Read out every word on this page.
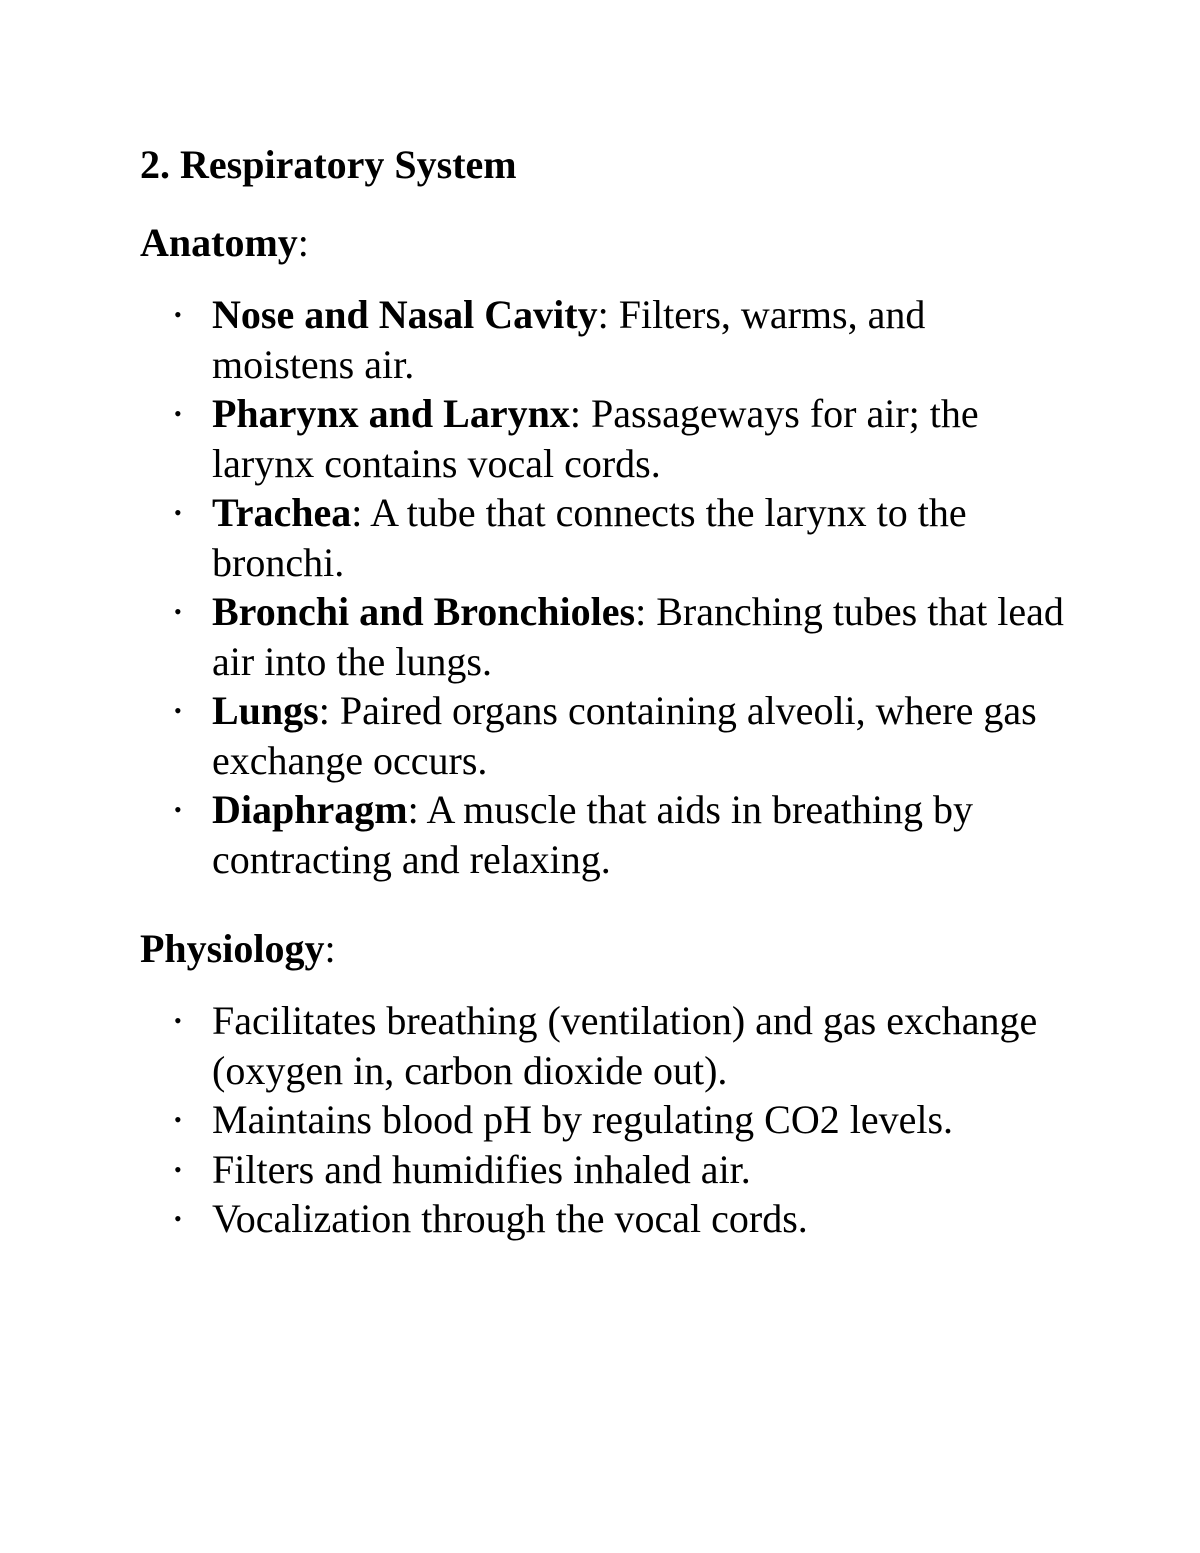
2. Respiratory System
Anatomy:
• Nose and Nasal Cavity: Filters, warms, and moistens air.
• Pharynx and Larynx: Passageways for air; the larynx contains vocal cords.
• Trachea: A tube that connects the larynx to the bronchi.
• Bronchi and Bronchioles: Branching tubes that lead air into the lungs.
• Lungs: Paired organs containing alveoli, where gas exchange occurs.
• Diaphragm: A muscle that aids in breathing by contracting and relaxing.
Physiology:
• Facilitates breathing (ventilation) and gas exchange (oxygen in, carbon dioxide out).
• Maintains blood pH by regulating CO2 levels.
• Filters and humidifies inhaled air.
• Vocalization through the vocal cords.
